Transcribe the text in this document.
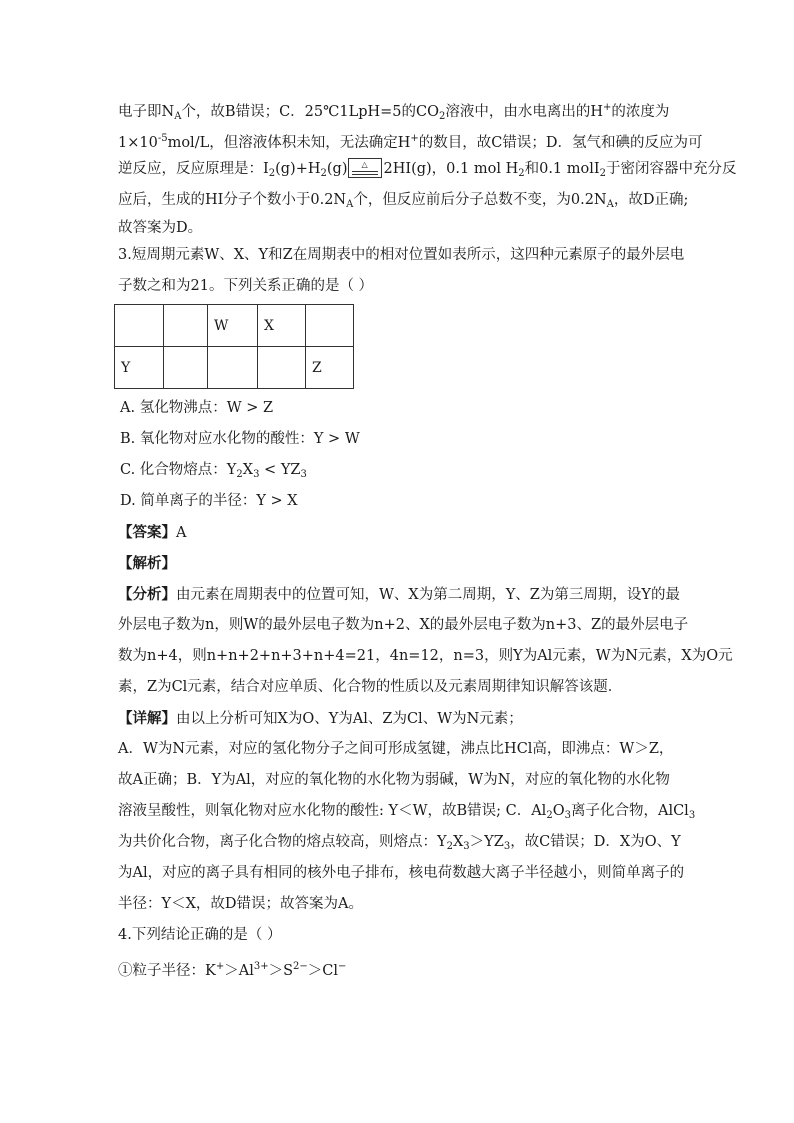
电子即$N_A$个，故B错误；C．25℃1LpH=5的$CO_2$溶液中，由水电离出的H+的浓度为
$1\times 10^{-5}mol/L$，但溶液体积未知，无法确定H+的数目，故C错误；D．氢气和碘的反应为可
逆反应，反应原理是：$I_2(g)+H_2(g)$ △ 2HI(g)，0.1 mol $H_2$和0.1 molI$_2$于密闭容器中充分反
应后，生成的HI分子个数小于$0.2N_A$个，但反应前后分子总数不变，为$0.2N_A$，故D正确;
故答案为D。
3.短周期元素W、X、Y和Z在周期表中的相对位置如表所示，这四种元素原子的最外层电
子数之和为21。下列关系正确的是（ ）
		W	X	
Y				Z
A. 氢化物沸点：W > Z
B. 氧化物对应水化物的酸性：Y > W
C. 化合物熔点：$Y_2X_3 < YZ_3$
D. 简单离子的半径：Y > X
【答案】A
【解析】
【分析】由元素在周期表中的位置可知，W、X为第二周期，Y、Z为第三周期，设Y的最
外层电子数为n，则W的最外层电子数为n+2、X的最外层电子数为n+3、Z的最外层电子
数为n+4，则n+n+2+n+3+n+4=21，4n=12，n=3，则Y为Al元素，W为N元素，X为O元
素，Z为Cl元素，结合对应单质、化合物的性质以及元素周期律知识解答该题．
【详解】由以上分析可知X为O、Y为Al、Z为Cl、W为N元素；
A．W为N元素，对应的氢化物分子之间可形成氢键，沸点比HCl高，即沸点：W＞Z，
故A正确；B．Y为Al，对应的氧化物的水化物为弱碱，W为N，对应的氧化物的水化物
溶液呈酸性，则氧化物对应水化物的酸性: Y＜W，故B错误; C．$Al_2O_3$离子化合物，AlCl$_3$
为共价化合物，离子化合物的熔点较高，则熔点：$Y_2X_3>YZ_3$，故C错误；D．X为O、Y
为Al，对应的离子具有相同的核外电子排布，核电荷数越大离子半径越小，则简单离子的
半径：Y＜X，故D错误；故答案为A。
4.下列结论正确的是（ ）
①粒子半径：$K^+>Al^{3+}>S^{2-}>Cl^-$
